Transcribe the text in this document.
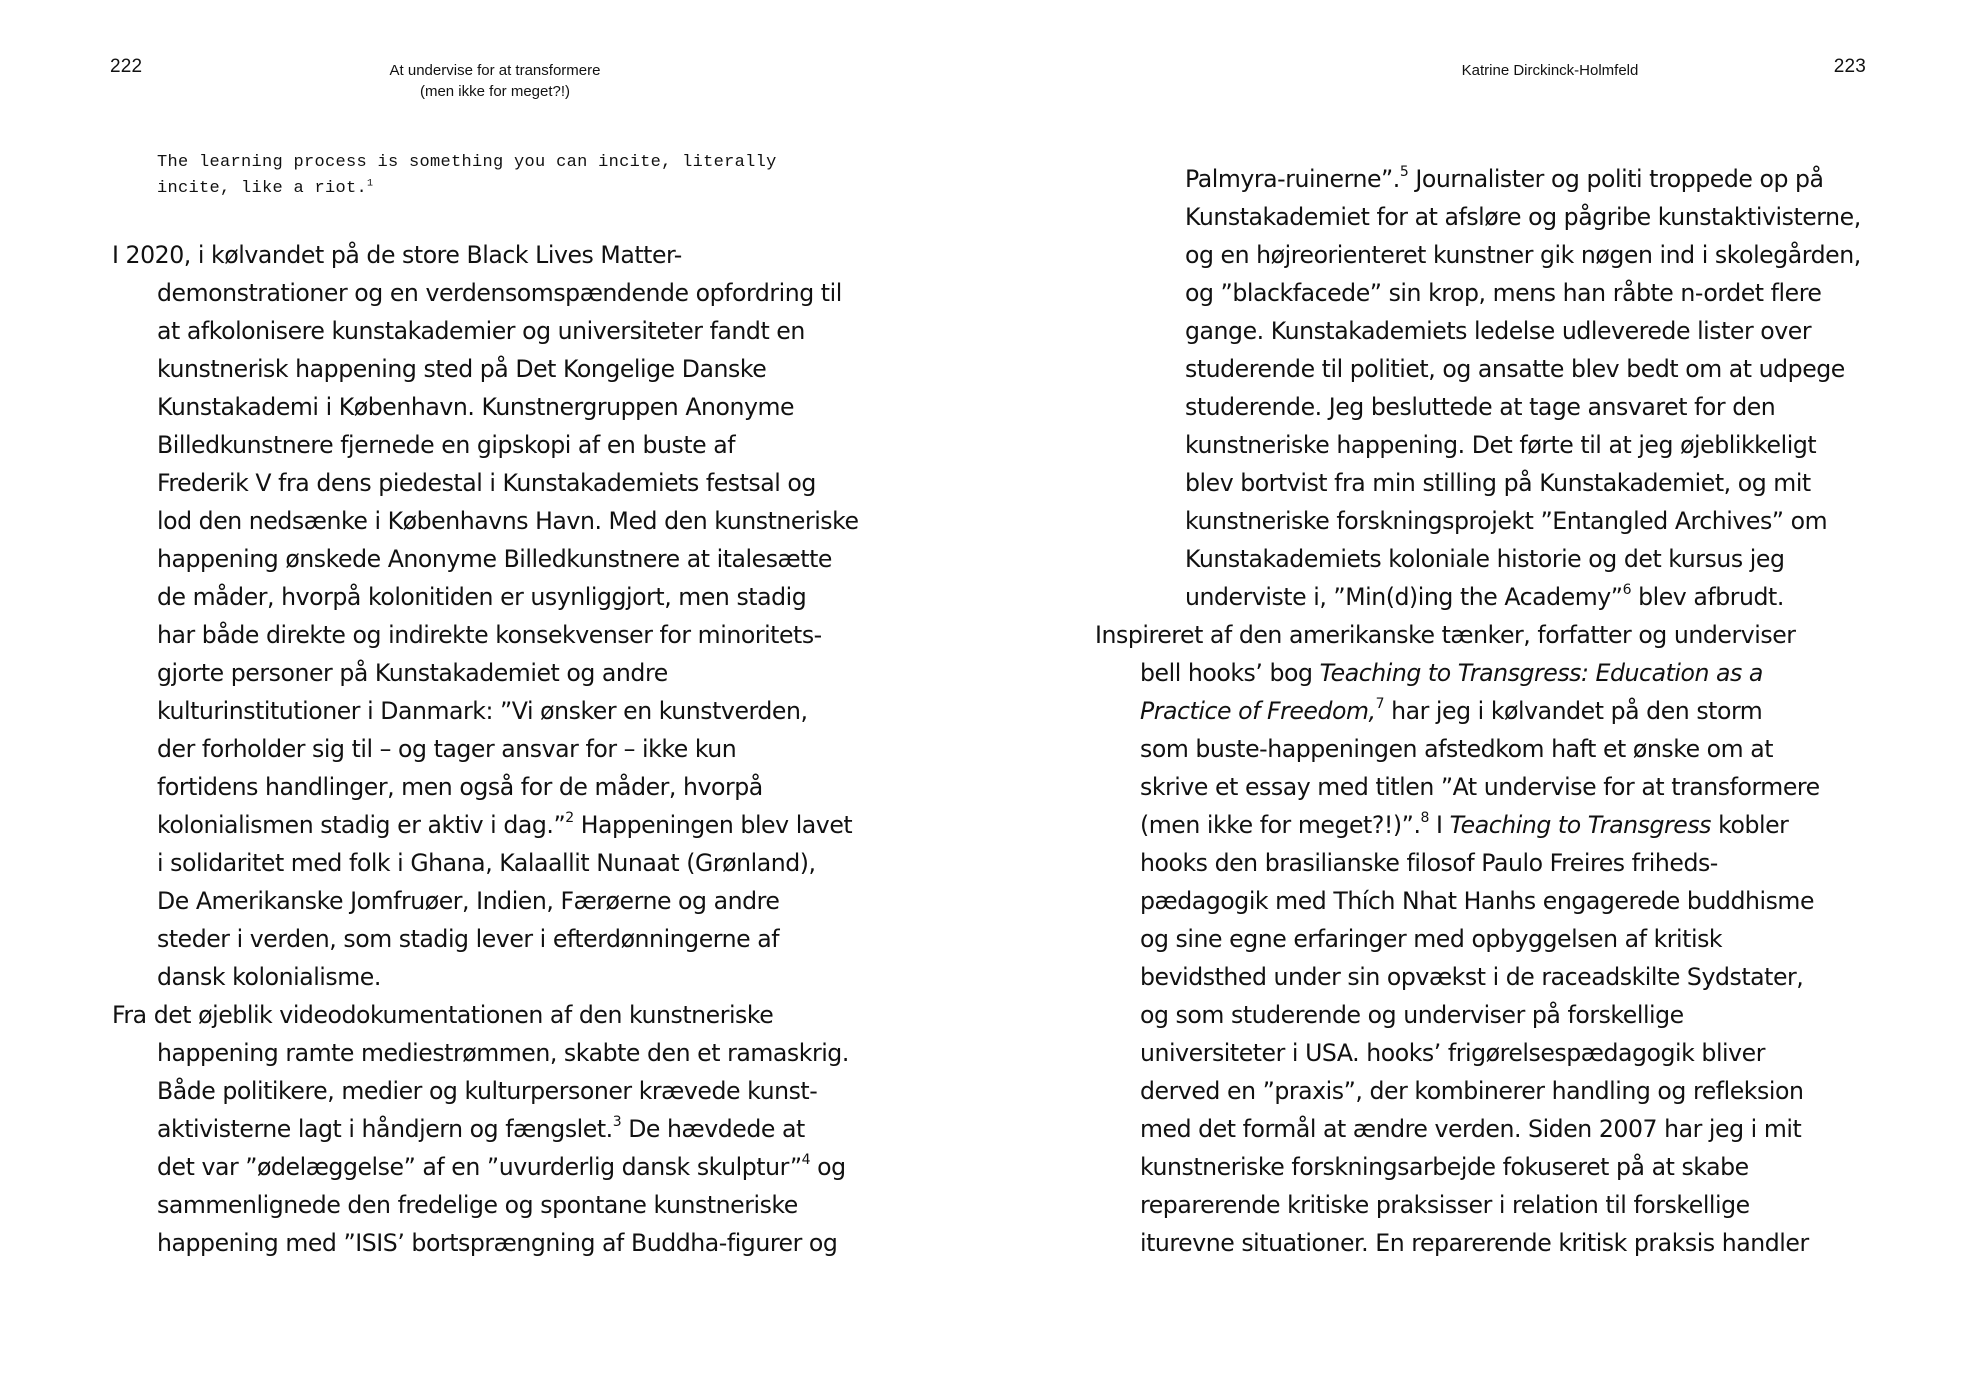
222	At undervise for at transformere
(men ikke for meget?!)
The learning process is something you can incite, literally
incite, like a riot.$^1$
I 2020, i kølvandet på de store Black Lives Matter-
demonstrationer og en verdensomspændende opfordring til
at afkolonisere kunstakademier og universiteter fandt en
kunstnerisk happening sted på Det Kongelige Danske
Kunstakademi i København. Kunstnergruppen Anonyme
Billedkunstnere fjernede en gipskopi af en buste af
Frederik V fra dens piedestal i Kunstakademiets festsal og
lod den nedsænke i Københavns Havn. Med den kunstneriske
happening ønskede Anonyme Billedkunstnere at italesætte
de måder, hvorpå kolonitiden er usynliggjort, men stadig
har både direkte og indirekte konsekvenser for minoritets-
gjorte personer på Kunstakademiet og andre
kulturinstitutioner i Danmark: ”Vi ønsker en kunstverden,
der forholder sig til – og tager ansvar for – ikke kun
fortidens handlinger, men også for de måder, hvorpå
kolonialismen stadig er aktiv i dag.”$^2$ Happeningen blev lavet
i solidaritet med folk i Ghana, Kalaallit Nunaat (Grønland),
De Amerikanske Jomfruøer, Indien, Færøerne og andre
steder i verden, som stadig lever i efterdønningerne af
dansk kolonialisme.
Fra det øjeblik videodokumentationen af den kunstneriske
happening ramte mediestrømmen, skabte den et ramaskrig.
Både politikere, medier og kulturpersoner krævede kunst-
aktivisterne lagt i håndjern og fængslet.$^3$ De hævdede at
det var ”ødelæggelse” af en ”uvurderlig dansk skulptur”$^4$ og
sammenlignede den fredelige og spontane kunstneriske
happening med ”ISIS’ bortsprængning af Buddha-figurer og
Katrine Dirckinck-Holmfeld	223
Palmyra-ruinerne”.$^5$ Journalister og politi troppede op på
Kunstakademiet for at afsløre og pågribe kunstaktivisterne,
og en højreorienteret kunstner gik nøgen ind i skolegården,
og ”blackfacede” sin krop, mens han råbte n-ordet flere
gange. Kunstakademiets ledelse udleverede lister over
studerende til politiet, og ansatte blev bedt om at udpege
studerende. Jeg besluttede at tage ansvaret for den
kunstneriske happening. Det førte til at jeg øjeblikkeligt
blev bortvist fra min stilling på Kunstakademiet, og mit
kunstneriske forskningsprojekt ”Entangled Archives” om
Kunstakademiets koloniale historie og det kursus jeg
underviste i, ”Min(d)ing the Academy”$^6$ blev afbrudt.
Inspireret af den amerikanske tænker, forfatter og underviser
bell hooks’ bog Teaching to Transgress: Education as a
Practice of Freedom,$^7$ har jeg i kølvandet på den storm
som buste-happeningen afstedkom haft et ønske om at
skrive et essay med titlen ”At undervise for at transformere
(men ikke for meget?!)”.$^8$ I Teaching to Transgress kobler
hooks den brasilianske filosof Paulo Freires friheds-
pædagogik med Thích Nhat Hanhs engagerede buddhisme
og sine egne erfaringer med opbyggelsen af kritisk
bevidsthed under sin opvækst i de raceadskilte Sydstater,
og som studerende og underviser på forskellige
universiteter i USA. hooks’ frigørelsespædagogik bliver
derved en ”praxis”, der kombinerer handling og refleksion
med det formål at ændre verden. Siden 2007 har jeg i mit
kunstneriske forskningsarbejde fokuseret på at skabe
reparerende kritiske praksisser i relation til forskellige
iturevne situationer. En reparerende kritisk praksis handler
